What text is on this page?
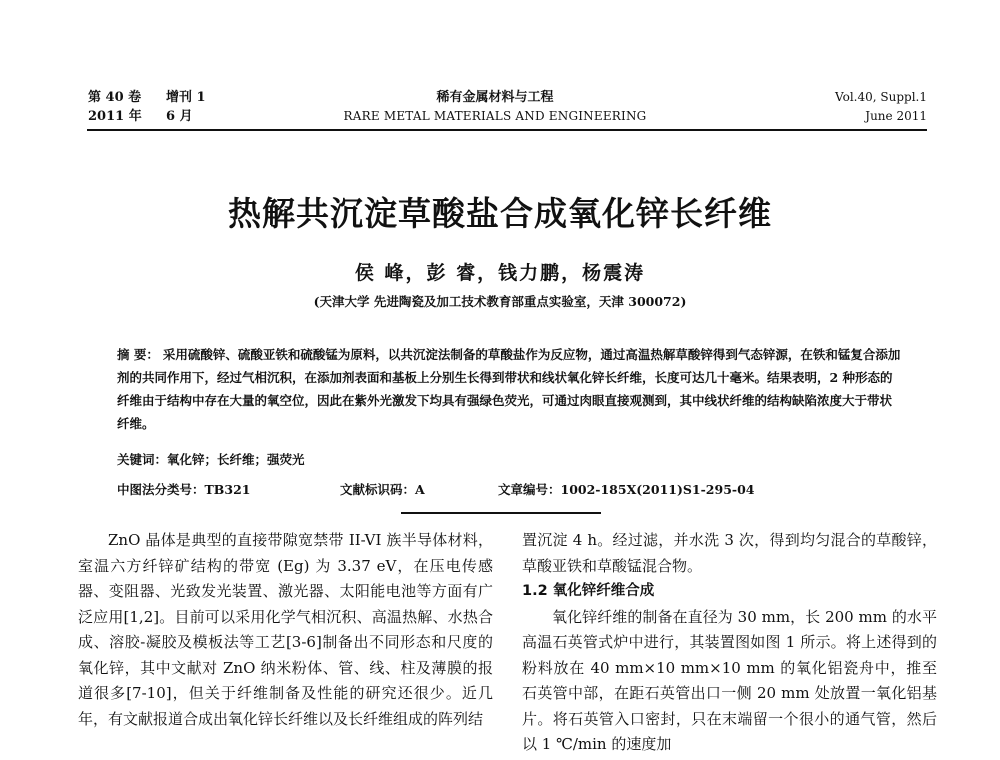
第 40 卷 增刊 1
2011 年 6 月
稀有金属材料与工程
RARE METAL MATERIALS AND ENGINEERING
Vol.40, Suppl.1
June 2011
热解共沉淀草酸盐合成氧化锌长纤维
侯 峰，彭 睿，钱力鹏，杨震涛
(天津大学 先进陶瓷及加工技术教育部重点实验室，天津 300072)
摘 要： 采用硫酸锌、硫酸亚铁和硫酸锰为原料，以共沉淀法制备的草酸盐作为反应物，通过高温热解草酸锌得到气态锌源，在铁和锰复合添加剂的共同作用下，经过气相沉积，在添加剂表面和基板上分别生长得到带状和线状氧化锌长纤维，长度可达几十毫米。结果表明，2 种形态的纤维由于结构中存在大量的氧空位，因此在紫外光激发下均具有强绿色荧光，可通过肉眼直接观测到，其中线状纤维的结构缺陷浓度大于带状纤维。
关键词：氧化锌；长纤维；强荧光
中图法分类号：TB321	文献标识码：A	文章编号：1002-185X(2011)S1-295-04

ZnO 晶体是典型的直接带隙宽禁带 II-VI 族半导体材料，室温六方纤锌矿结构的带宽 (Eg) 为 3.37 eV，在压电传感器、变阻器、光致发光装置、激光器、太阳能电池等方面有广泛应用[1,2]。目前可以采用化学气相沉积、高温热解、水热合成、溶胶-凝胶及模板法等工艺[3-6]制备出不同形态和尺度的氧化锌，其中文献对 ZnO 纳米粉体、管、线、柱及薄膜的报道很多[7-10]，但关于纤维制备及性能的研究还很少。近几年，有文献报道合成出氧化锌长纤维以及长纤维组成的阵列结

置沉淀 4 h。经过滤，并水洗 3 次，得到均匀混合的草酸锌，草酸亚铁和草酸锰混合物。

1.2 氧化锌纤维合成

氧化锌纤维的制备在直径为 30 mm，长 200 mm 的水平高温石英管式炉中进行，其装置图如图 1 所示。将上述得到的粉料放在 40 mm×10 mm×10 mm 的氧化铝瓷舟中，推至石英管中部，在距石英管出口一侧 20 mm 处放置一氧化铝基片。将石英管入口密封，只在末端留一个很小的通气管，然后以 1 ℃/min 的速度加
